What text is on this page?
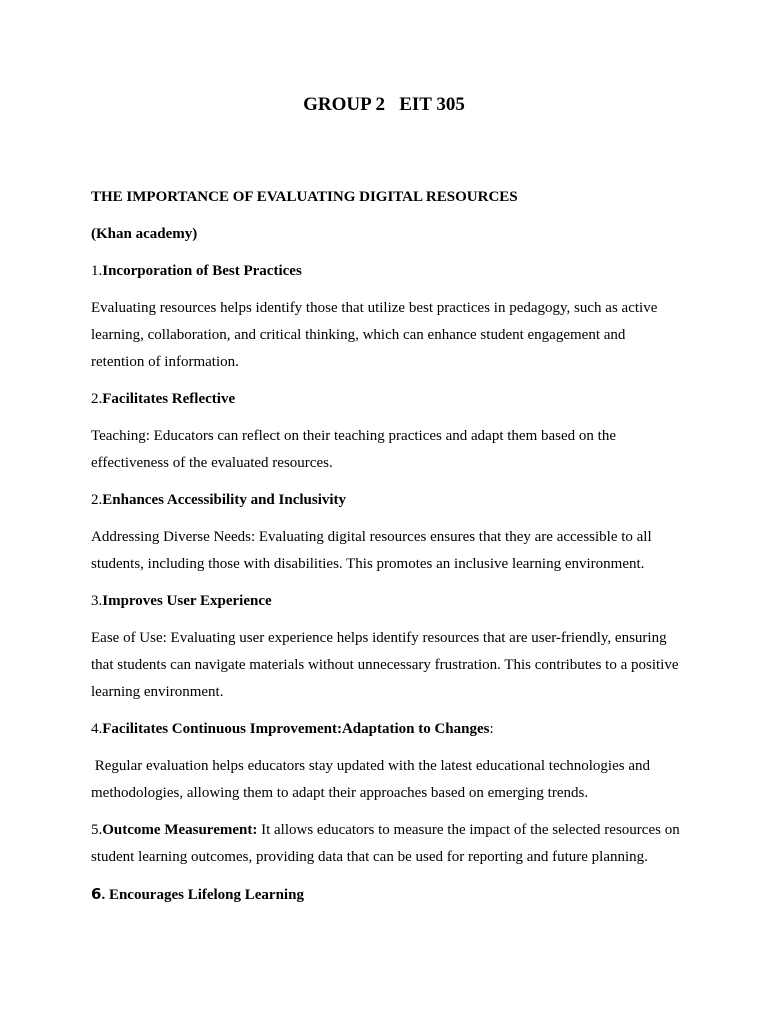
GROUP 2   EIT 305

THE IMPORTANCE OF EVALUATING DIGITAL RESOURCES

(Khan academy)

1.Incorporation of Best Practices

Evaluating resources helps identify those that utilize best practices in pedagogy, such as active learning, collaboration, and critical thinking, which can enhance student engagement and retention of information.

2.Facilitates Reflective

Teaching: Educators can reflect on their teaching practices and adapt them based on the effectiveness of the evaluated resources.

2.Enhances Accessibility and Inclusivity

Addressing Diverse Needs: Evaluating digital resources ensures that they are accessible to all students, including those with disabilities. This promotes an inclusive learning environment.

3.Improves User Experience

Ease of Use: Evaluating user experience helps identify resources that are user-friendly, ensuring that students can navigate materials without unnecessary frustration. This contributes to a positive learning environment.

4.Facilitates Continuous Improvement:Adaptation to Changes:

Regular evaluation helps educators stay updated with the latest educational technologies and methodologies, allowing them to adapt their approaches based on emerging trends.

5.Outcome Measurement: It allows educators to measure the impact of the selected resources on student learning outcomes, providing data that can be used for reporting and future planning.

6. Encourages Lifelong Learning
